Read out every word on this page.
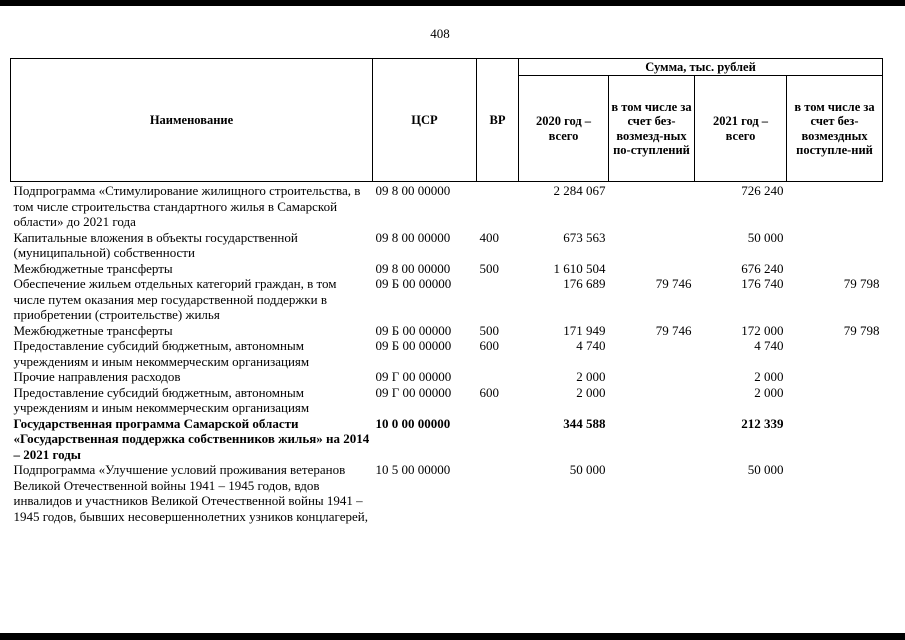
408
Наименование	ЦСР	ВР	Сумма, тыс. рублей			
			2020 год – всего	в том числе за счет без-возмезд-ных по-ступлений	2021 год – всего	в том числе за счет без-возмездных поступле-ний
Подпрограмма «Стимулирование жилищного строительства, в том числе строительства стандартного жилья в Самарской области» до 2021 года	09 8 00 00000		2 284 067		726 240	
Капитальные вложения в объекты государственной (муниципальной) собственности	09 8 00 00000	400	673 563		50 000	
Межбюджетные трансферты	09 8 00 00000	500	1 610 504		676 240	
Обеспечение жильем отдельных категорий граждан, в том числе путем оказания мер государственной поддержки в приобретении (строительстве) жилья	09 Б 00 00000		176 689	79 746	176 740	79 798
Межбюджетные трансферты	09 Б 00 00000	500	171 949	79 746	172 000	79 798
Предоставление субсидий бюджетным, автономным учреждениям и иным некоммерческим организациям	09 Б 00 00000	600	4 740		4 740	
Прочие направления расходов	09 Г 00 00000		2 000		2 000	
Предоставление субсидий бюджетным, автономным учреждениям и иным некоммерческим организациям	09 Г 00 00000	600	2 000		2 000	
Государственная программа Самарской области «Государственная поддержка собственников жилья» на 2014 – 2021 годы	10 0 00 00000		344 588		212 339	
Подпрограмма «Улучшение условий проживания ветеранов Великой Отечественной войны 1941 – 1945 годов, вдов инвалидов и участников Великой Отечественной войны 1941 – 1945 годов, бывших несовершеннолетних узников концлагерей,	10 5 00 00000		50 000		50 000	
